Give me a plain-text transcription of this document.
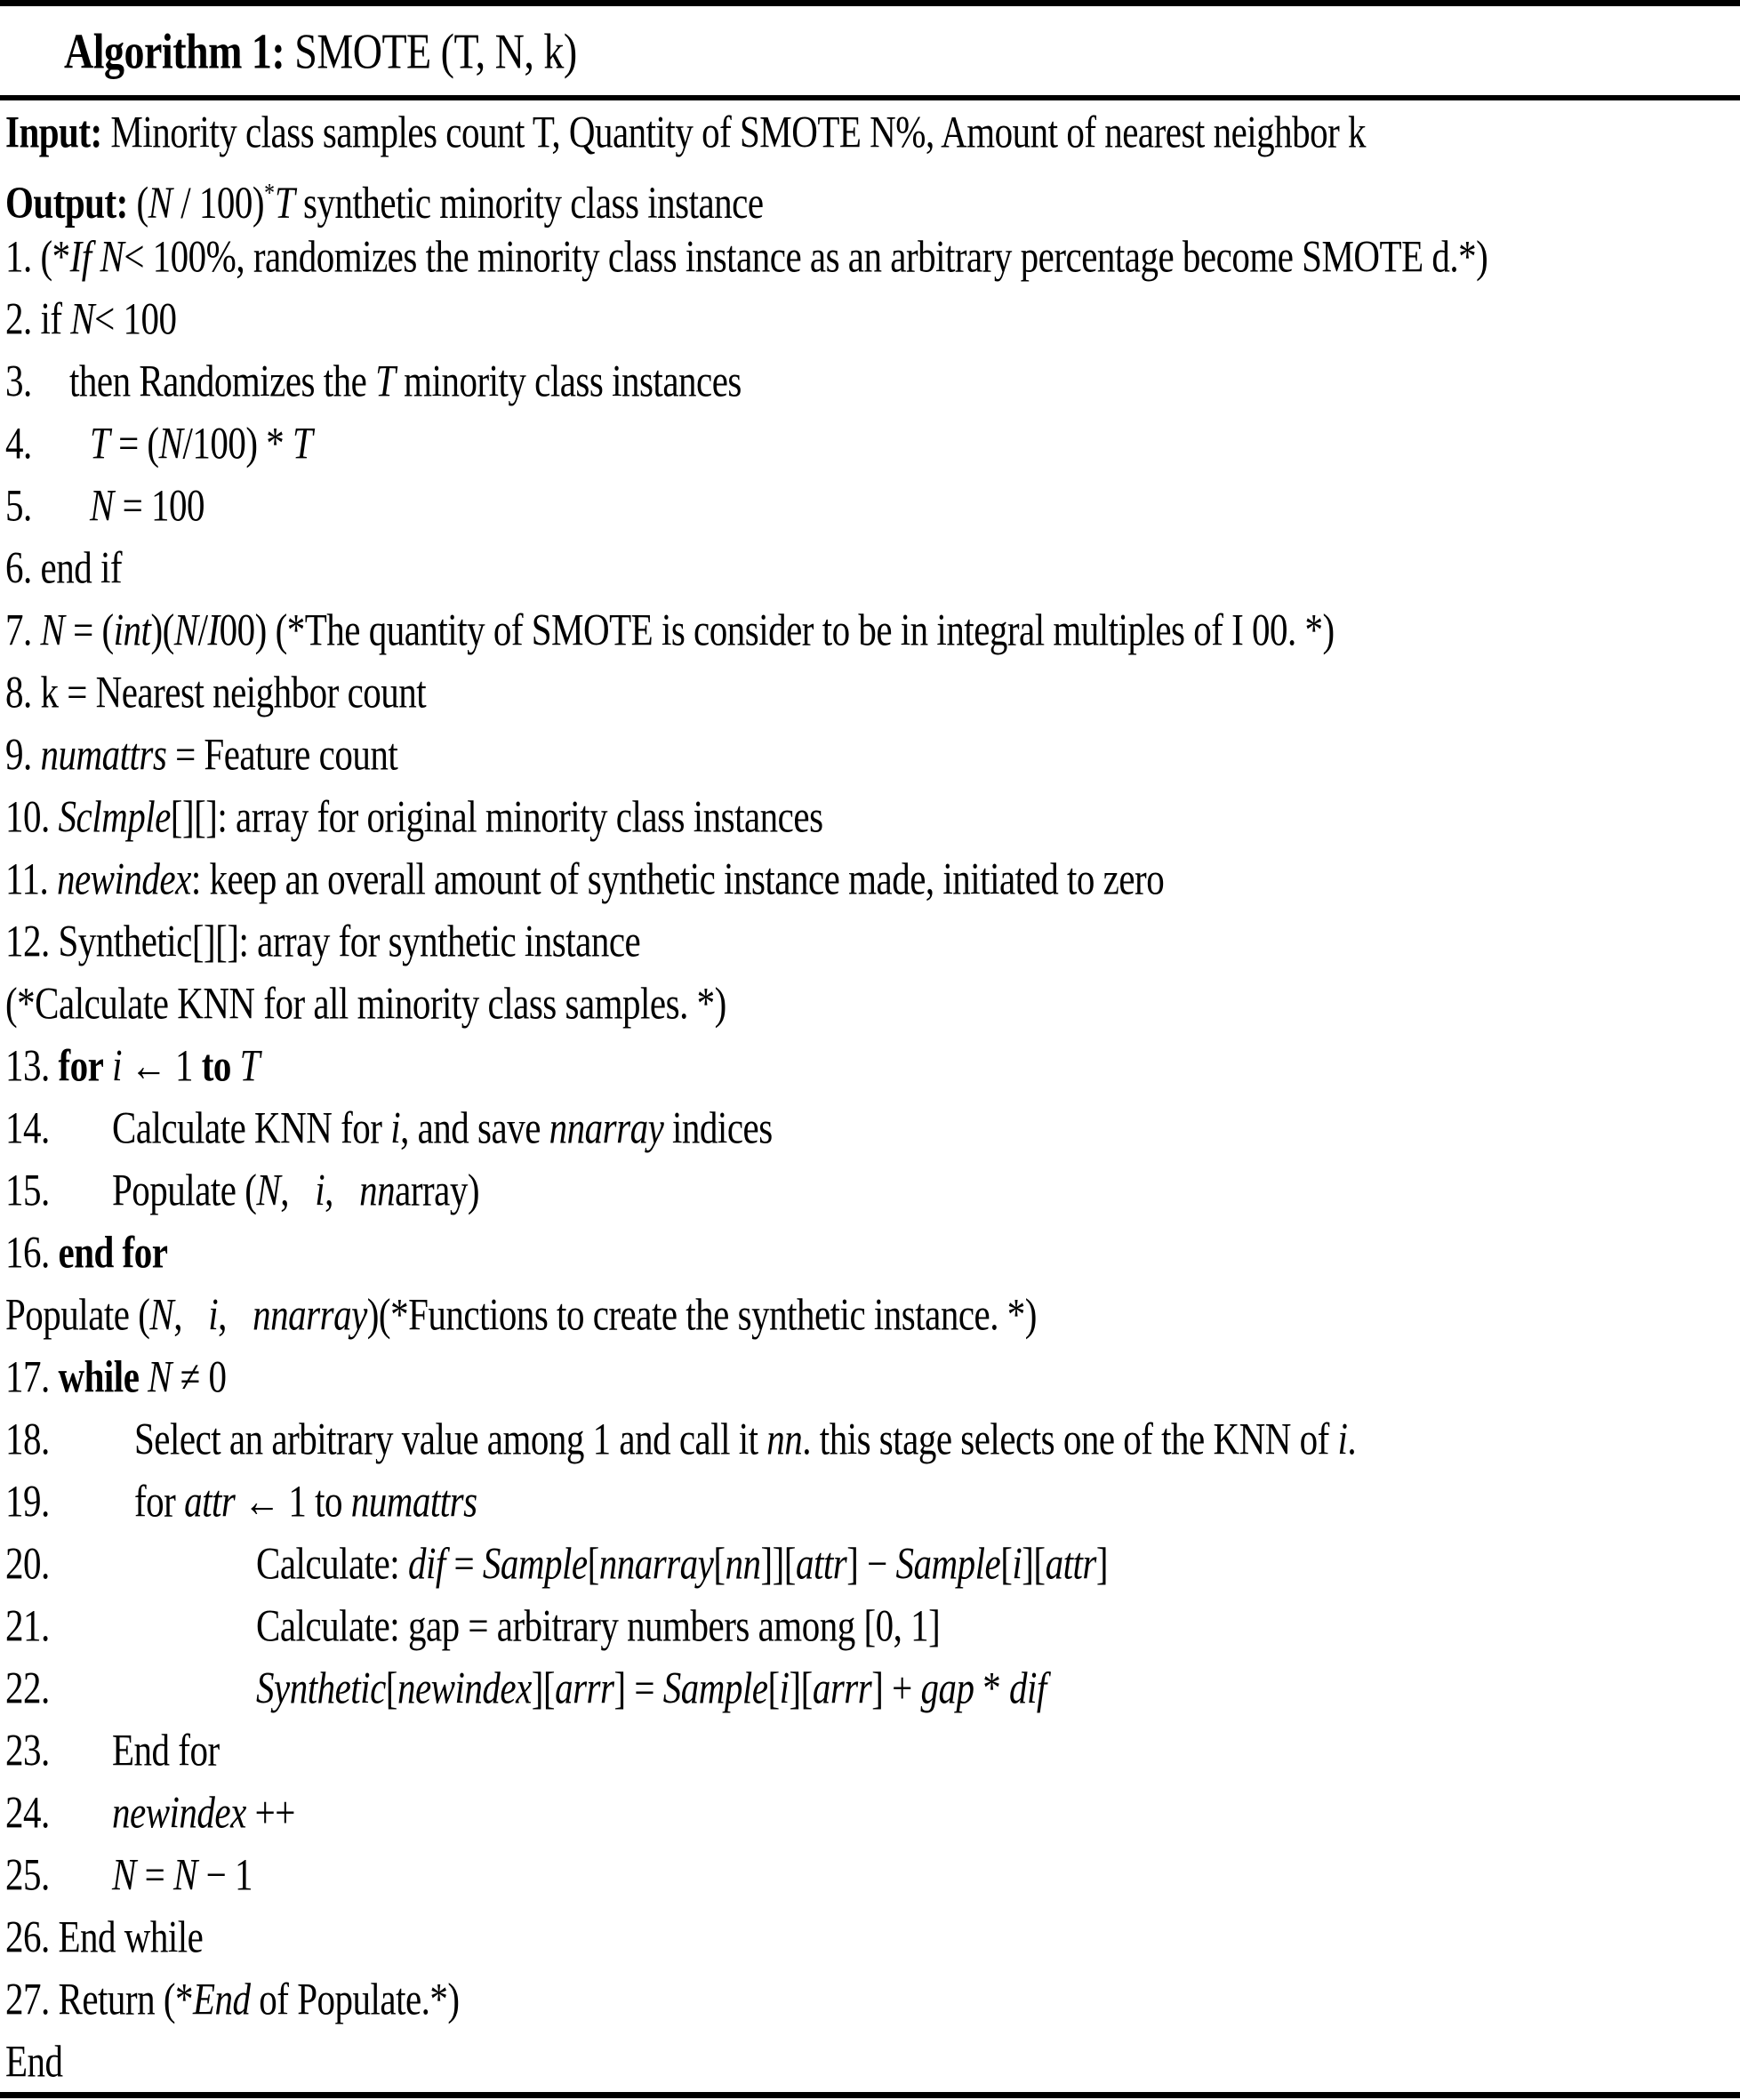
Algorithm 1: SMOTE (T, N, k)

Input: Minority class samples count T, Quantity of SMOTE N%, Amount of nearest neighbor k
Output: (N / 100)*T synthetic minority class instance
1. (*If N< 100%, randomizes the minority class instance as an arbitrary percentage become SMOTE d.*)
2. if N< 100
3. then Randomizes the T minority class instances
4. T = (N/100) * T
5. N = 100
6. end if
7. N = (int)(N/I00) (*The quantity of SMOTE is consider to be in integral multiples of I 00. *)
8. k = Nearest neighbor count
9. numattrs = Feature count
10. Sclmple[][]: array for original minority class instances
11. newindex: keep an overall amount of synthetic instance made, initiated to zero
12. Synthetic[][]: array for synthetic instance
(*Calculate KNN for all minority class samples. *)
13. for i ← 1 to T
14. Calculate KNN for i, and save nnarray indices
15. Populate (N,   i,   nnarray)
16. end for
Populate (N,   i,   nnarray)(*Functions to create the synthetic instance. *)
17. while N ≠ 0
18. Select an arbitrary value among 1 and call it nn. this stage selects one of the KNN of i.
19. for attr ← 1 to numattrs
20.	Calculate: dif = Sample[nnarray[nn]][attr] − Sample[i][attr]
21.	Calculate: gap = arbitrary numbers among [0, 1]
22.	Synthetic[newindex][arrr] = Sample[i][arrr] + gap * dif
23. End for
24. newindex ++
25. N = N − 1
26. End while
27. Return (*End of Populate.*)
End
